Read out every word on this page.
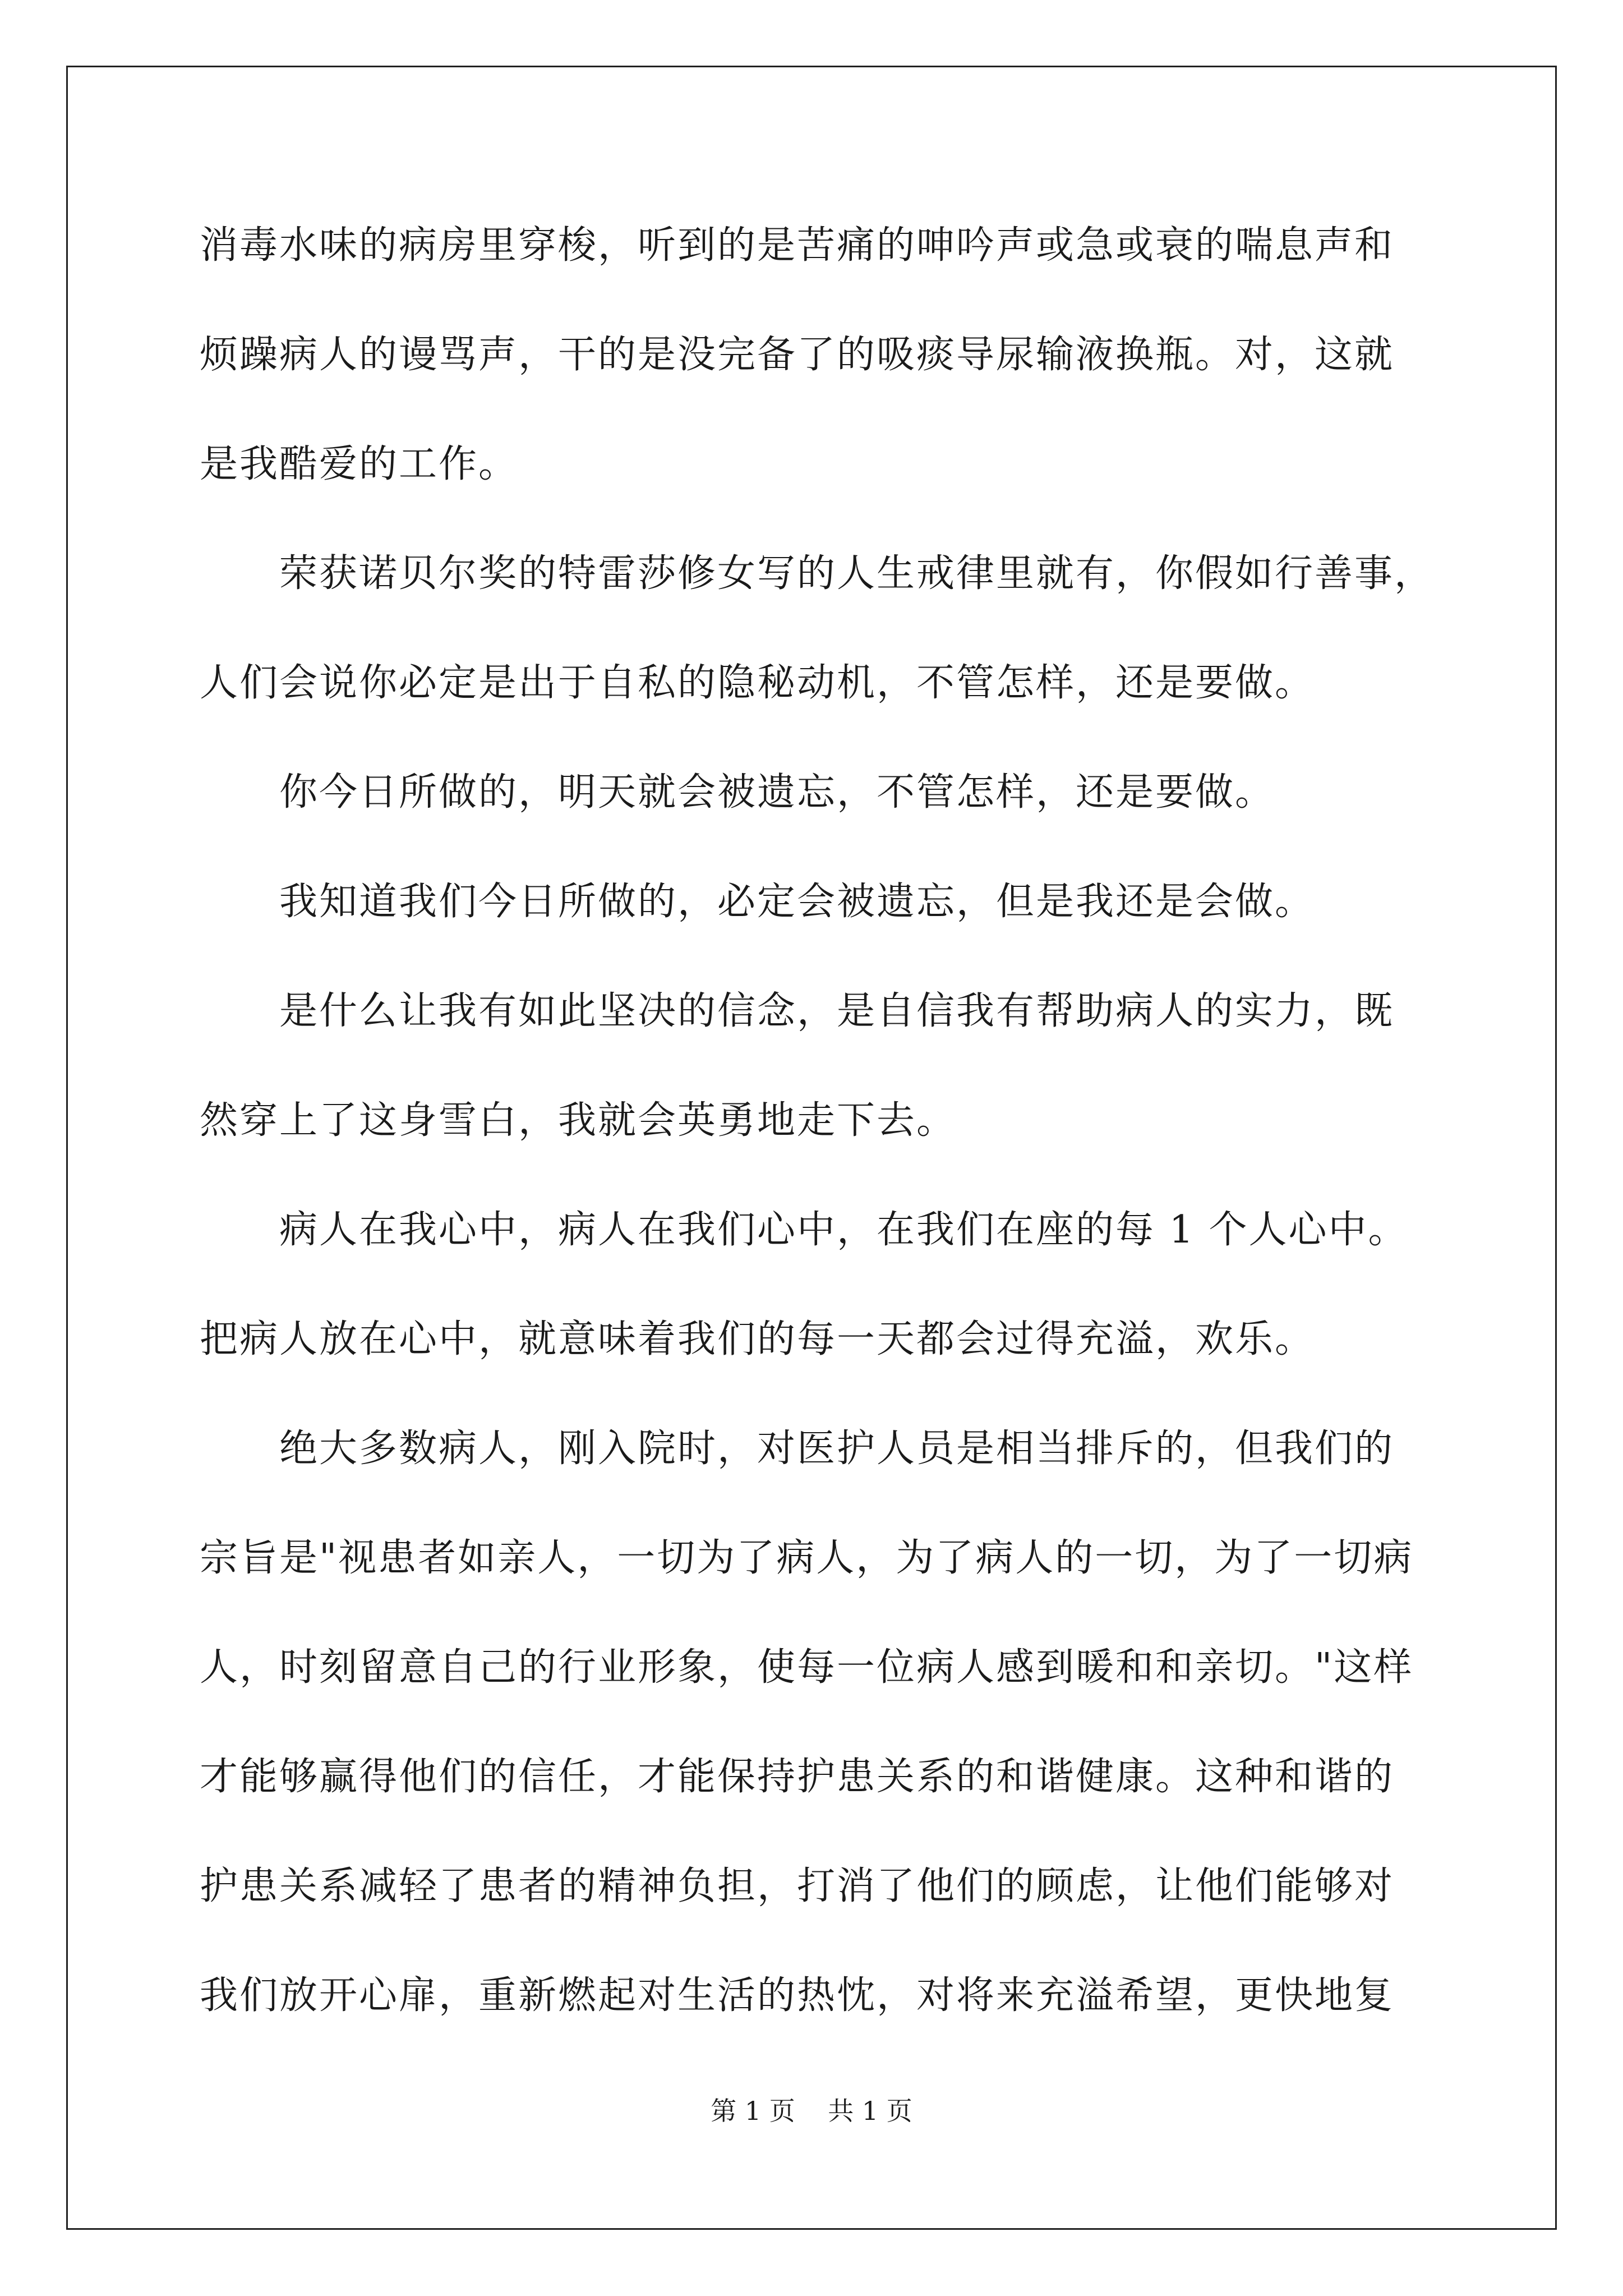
消毒水味的病房里穿梭，听到的是苦痛的呻吟声或急或衰的喘息声和
烦躁病人的谩骂声，干的是没完备了的吸痰导尿输液换瓶。对，这就
是我酷爱的工作。
　　荣获诺贝尔奖的特雷莎修女写的人生戒律里就有，你假如行善事，
人们会说你必定是出于自私的隐秘动机，不管怎样，还是要做。
　　你今日所做的，明天就会被遗忘，不管怎样，还是要做。
　　我知道我们今日所做的，必定会被遗忘，但是我还是会做。
　　是什么让我有如此坚决的信念，是自信我有帮助病人的实力，既
然穿上了这身雪白，我就会英勇地走下去。
　　病人在我心中，病人在我们心中，在我们在座的每 1 个人心中。
把病人放在心中，就意味着我们的每一天都会过得充溢，欢乐。
　　绝大多数病人，刚入院时，对医护人员是相当排斥的，但我们的
宗旨是"视患者如亲人，一切为了病人，为了病人的一切，为了一切病
人，时刻留意自己的行业形象，使每一位病人感到暖和和亲切。"这样
才能够赢得他们的信任，才能保持护患关系的和谐健康。这种和谐的
护患关系减轻了患者的精神负担，打消了他们的顾虑，让他们能够对
我们放开心扉，重新燃起对生活的热忱，对将来充溢希望，更快地复
第 1 页    共 1 页
